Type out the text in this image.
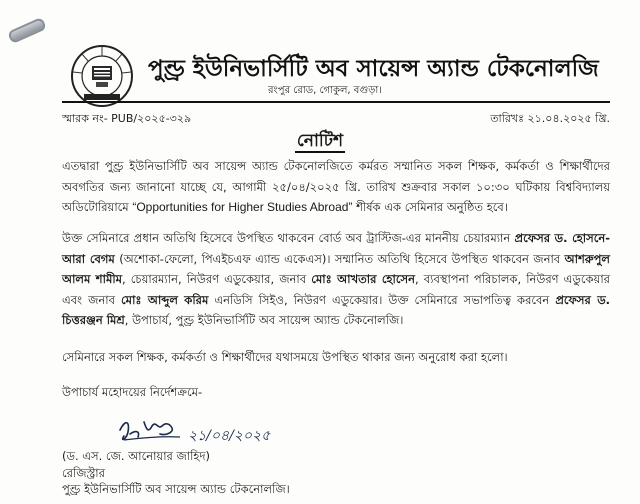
পুণ্ড্র ইউনিভার্সিটি অব সায়েন্স অ্যান্ড টেকনোলজি
রংপুর রোড, গোকুল, বগুড়া।
স্মারক নং- PUB/২০২৫-৩২৯	তারিখঃ ২১.০৪.২০২৫ খ্রি.
নোটিশ

এতদ্বারা পুণ্ড্র ইউনিভার্সিটি অব সায়েন্স অ্যান্ড টেকনোলজিতে কর্মরত সম্মানিত সকল শিক্ষক, কর্মকর্তা ও শিক্ষার্থীদের অবগতির জন্য জানানো যাচ্ছে যে, আগামী ২৫/০৪/২০২৫ খ্রি. তারিখ শুক্রবার সকাল ১০:৩০ ঘটিকায় বিশ্ববিদ্যালয় অডিটোরিয়ামে “Opportunities for Higher Studies Abroad” শীর্ষক এক সেমিনার অনুষ্ঠিত হবে।

উক্ত সেমিনারে প্রধান অতিথি হিসেবে উপস্থিত থাকবেন বোর্ড অব ট্রাস্টিজ-এর মাননীয় চেয়ারম্যান প্রফেসর ড. হোসনে-আরা বেগম (অশোকা-ফেলো, পিএইচএফ এ্যান্ড একেএস)। সম্মানিত অতিথি হিসেবে উপস্থিত থাকবেন জনাব আশরুপুল আলম শামীম, চেয়ারম্যান, নিউরণ এডুকেয়ার, জনাব মোঃ আখতার হোসেন, ব্যবস্থাপনা পরিচালক, নিউরণ এডুকেয়ার এবং জনাব মোঃ আব্দুল করিম এনডিসি সিইও, নিউরণ এডুকেয়ার। উক্ত সেমিনারে সভাপতিত্ব করবেন প্রফেসর ড. চিত্তরঞ্জন মিশ্র, উপাচার্য, পুণ্ড্র ইউনিভার্সিটি অব সায়েন্স অ্যান্ড টেকনোলজি।

সেমিনারে সকল শিক্ষক, কর্মকর্তা ও শিক্ষার্থীদের যথাসময়ে উপস্থিত থাকার জন্য অনুরোধ করা হলো।

উপাচার্য মহোদয়ের নির্দেশক্রমে-
২১/০৪/২০২৫
(ড. এস. জে. আনোয়ার জাহিদ)
রেজিস্ট্রার
পুণ্ড্র ইউনিভার্সিটি অব সায়েন্স অ্যান্ড টেকনোলজি।
